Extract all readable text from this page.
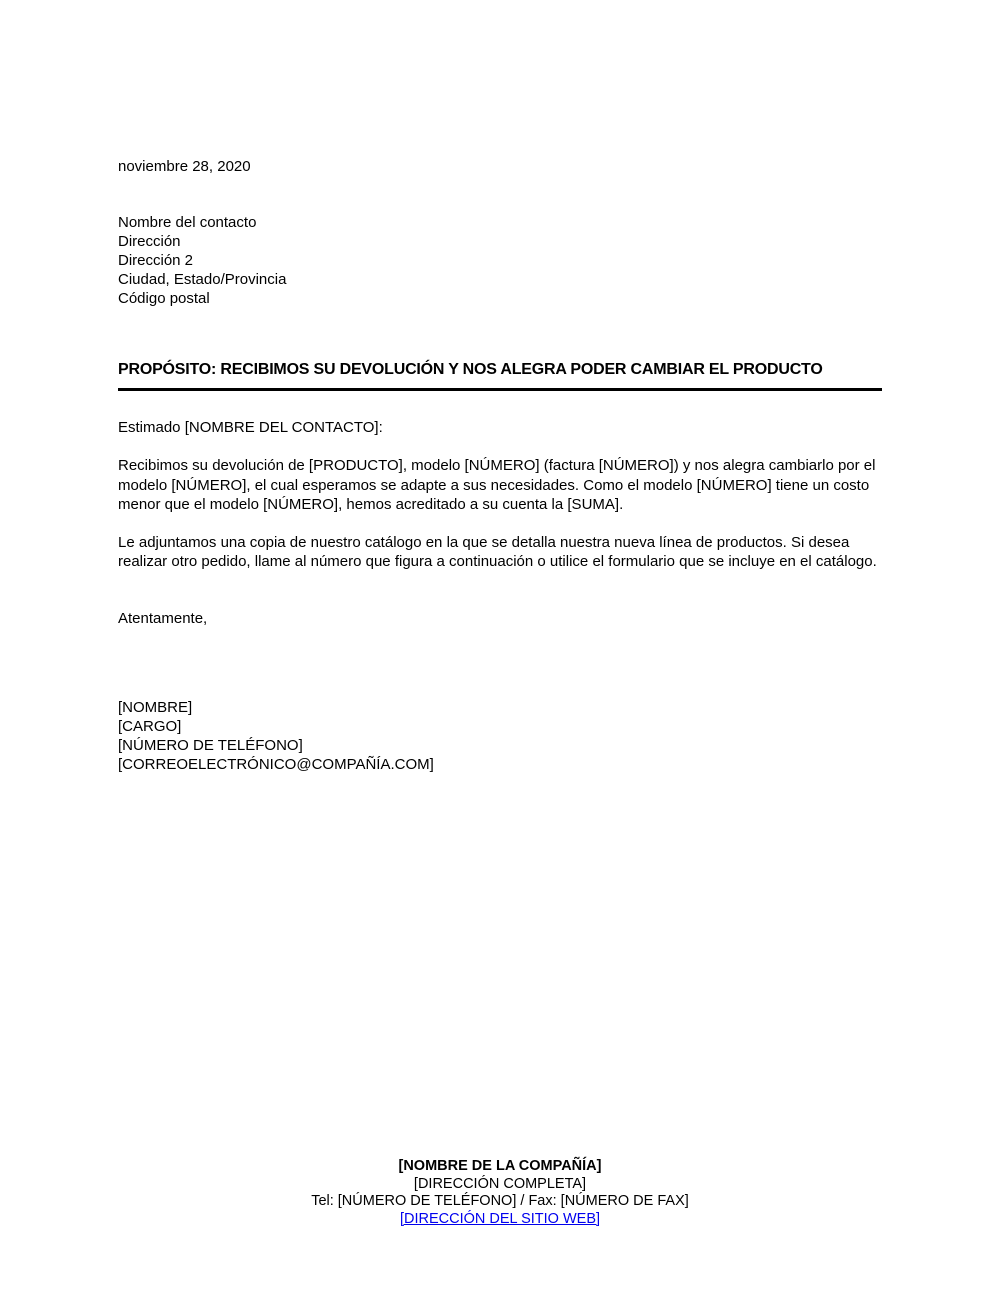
noviembre 28, 2020
Nombre del contacto
Dirección
Dirección 2
Ciudad, Estado/Provincia
Código postal
PROPÓSITO: RECIBIMOS SU DEVOLUCIÓN Y NOS ALEGRA PODER CAMBIAR EL PRODUCTO
Estimado [NOMBRE DEL CONTACTO]:

Recibimos su devolución de [PRODUCTO], modelo [NÚMERO] (factura [NÚMERO]) y nos alegra cambiarlo por el modelo [NÚMERO], el cual esperamos se adapte a sus necesidades. Como el modelo [NÚMERO] tiene un costo menor que el modelo [NÚMERO], hemos acreditado a su cuenta la [SUMA].

Le adjuntamos una copia de nuestro catálogo en la que se detalla nuestra nueva línea de productos. Si desea realizar otro pedido, llame al número que figura a continuación o utilice el formulario que se incluye en el catálogo.

Atentamente,
[NOMBRE]
[CARGO]
[NÚMERO DE TELÉFONO]
[CORREOELECTRÓNICO@COMPAÑÍA.COM]
[NOMBRE DE LA COMPAÑÍA]
[DIRECCIÓN COMPLETA]
Tel: [NÚMERO DE TELÉFONO] / Fax: [NÚMERO DE FAX]
[DIRECCIÓN DEL SITIO WEB]
